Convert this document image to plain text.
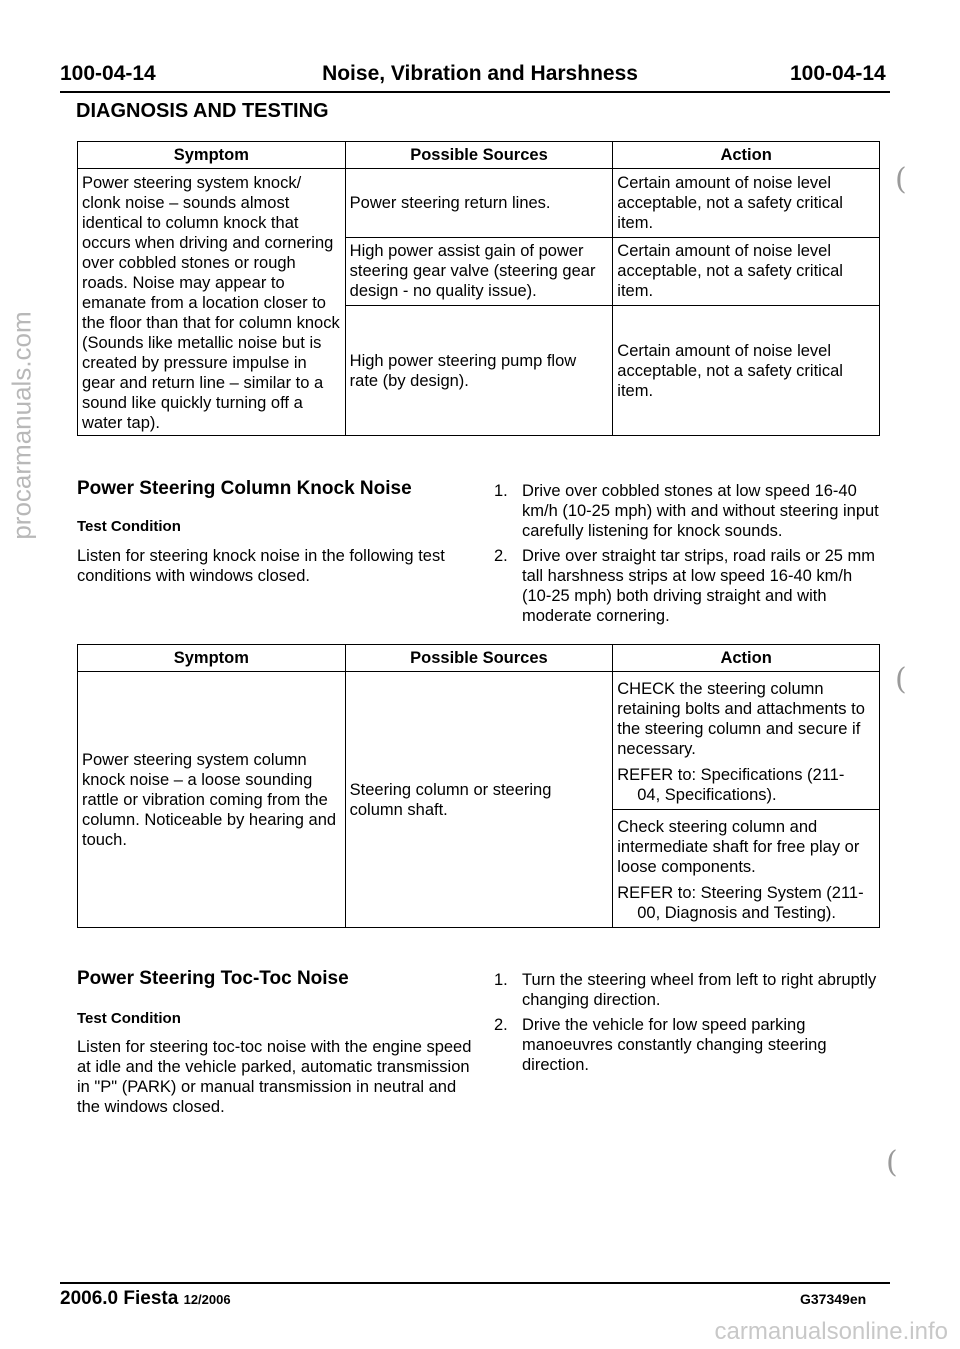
100-04-14	Noise, Vibration and Harshness	100-04-14
DIAGNOSIS AND TESTING
Symptom	Possible Sources	Action
Power steering system knock/ clonk noise – sounds almost identical to column knock that occurs when driving and cornering over cobbled stones or rough roads. Noise may appear to emanate from a location closer to the floor than that for column knock (Sounds like metallic noise but is created by pressure impulse in gear and return line – similar to a sound like quickly turning off a water tap).	Power steering return lines.	Certain amount of noise level acceptable, not a safety critical item.
	High power assist gain of power steering gear valve (steering gear design - no quality issue).	Certain amount of noise level acceptable, not a safety critical item.
	High power steering pump flow rate (by design).	Certain amount of noise level acceptable, not a safety critical item.
Power Steering Column Knock Noise
Test Condition
Listen for steering knock noise in the following test conditions with windows closed.
1. Drive over cobbled stones at low speed 16-40 km/h (10-25 mph) with and without steering input carefully listening for knock sounds.
2. Drive over straight tar strips, road rails or 25 mm tall harshness strips at low speed 16-40 km/h (10-25 mph) both driving straight and with moderate cornering.
Symptom	Possible Sources	Action
Power steering system column knock noise – a loose sounding rattle or vibration coming from the column. Noticeable by hearing and touch.	Steering column or steering column shaft.	CHECK the steering column retaining bolts and attachments to the steering column and secure if necessary.

REFER to: Specifications (211-
04, Specifications).

		Check steering column and intermediate shaft for free play or loose components.

REFER to: Steering System (211-
00, Diagnosis and Testing).

Power Steering Toc-Toc Noise
Test Condition
Listen for steering toc-toc noise with the engine speed at idle and the vehicle parked, automatic transmission in "P" (PARK) or manual transmission in neutral and the windows closed.
1. Turn the steering wheel from left to right abruptly changing direction.
2. Drive the vehicle for low speed parking manoeuvres constantly changing steering direction.
(
(
(
2006.0 Fiesta 12/2006	G37349en
procarmanuals.com
carmanualsonline.info
